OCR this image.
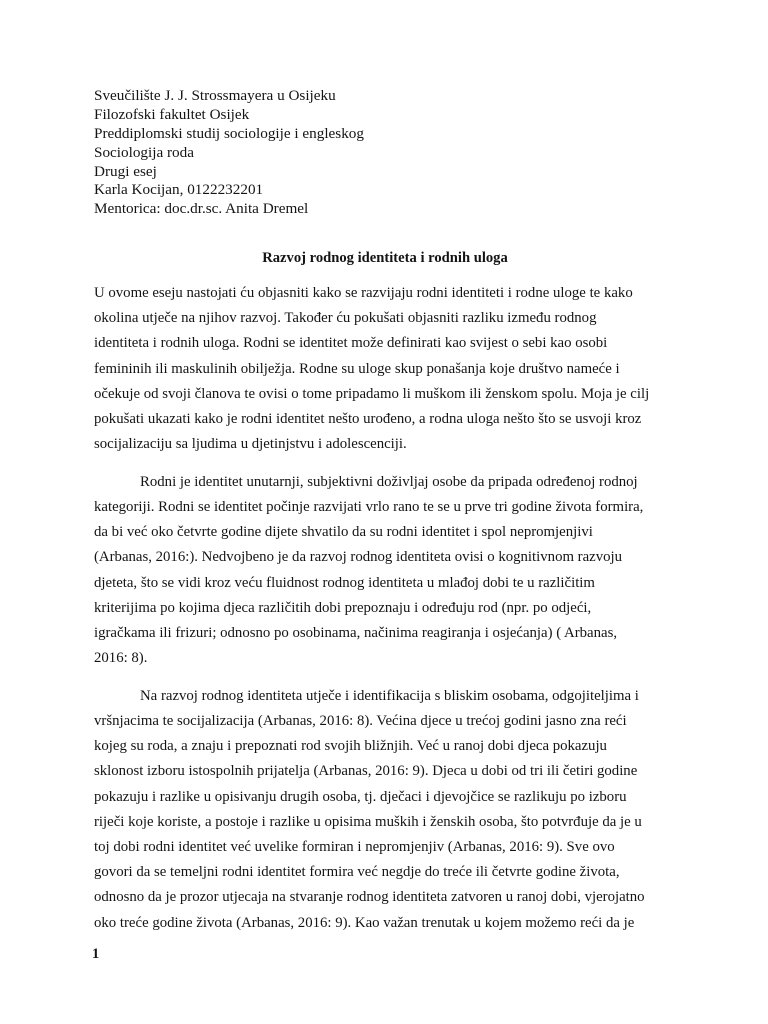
Sveučilište J. J. Strossmayera u Osijeku
Filozofski fakultet Osijek
Preddiplomski studij sociologije i engleskog
Sociologija roda
Drugi esej
Karla Kocijan, 0122232201
Mentorica: doc.dr.sc. Anita Dremel
Razvoj rodnog identiteta i rodnih uloga
U ovome eseju nastojati ću objasniti kako se razvijaju rodni identiteti i rodne uloge te kako
okolina utječe na njihov razvoj. Također ću pokušati objasniti razliku između rodnog
identiteta i rodnih uloga. Rodni se identitet može definirati kao svijest o sebi kao osobi
femininih ili maskulinih obilježja. Rodne su uloge skup ponašanja koje društvo nameće i
očekuje od svoji članova te ovisi o tome pripadamo li muškom ili ženskom spolu. Moja je cilj
pokušati ukazati kako je rodni identitet nešto urođeno, a rodna uloga nešto što se usvoji kroz
socijalizaciju sa ljudima u djetinjstvu i adolescenciji.
Rodni je identitet unutarnji, subjektivni doživljaj osobe da pripada određenoj rodnoj
kategoriji. Rodni se identitet počinje razvijati vrlo rano te se u prve tri godine života formira,
da bi već oko četvrte godine dijete shvatilo da su rodni identitet i spol nepromjenjivi
(Arbanas, 2016:). Nedvojbeno je da razvoj rodnog identiteta ovisi o kognitivnom razvoju
djeteta, što se vidi kroz veću fluidnost rodnog identiteta u mlađoj dobi te u različitim
kriterijima po kojima djeca različitih dobi prepoznaju i određuju rod (npr. po odjeći,
igračkama ili frizuri; odnosno po osobinama, načinima reagiranja i osjećanja) ( Arbanas,
2016: 8).
Na razvoj rodnog identiteta utječe i identifikacija s bliskim osobama, odgojiteljima i
vršnjacima te socijalizacija (Arbanas, 2016: 8). Većina djece u trećoj godini jasno zna reći
kojeg su roda, a znaju i prepoznati rod svojih bližnjih. Već u ranoj dobi djeca pokazuju
sklonost izboru istospolnih prijatelja (Arbanas, 2016: 9). Djeca u dobi od tri ili četiri godine
pokazuju i razlike u opisivanju drugih osoba, tj. dječaci i djevojčice se razlikuju po izboru
riječi koje koriste, a postoje i razlike u opisima muških i ženskih osoba, što potvrđuje da je u
toj dobi rodni identitet već uvelike formiran i nepromjenjiv (Arbanas, 2016: 9). Sve ovo
govori da se temeljni rodni identitet formira već negdje do treće ili četvrte godine života,
odnosno da je prozor utjecaja na stvaranje rodnog identiteta zatvoren u ranoj dobi, vjerojatno
oko treće godine života (Arbanas, 2016: 9). Kao važan trenutak u kojem možemo reći da je
1
